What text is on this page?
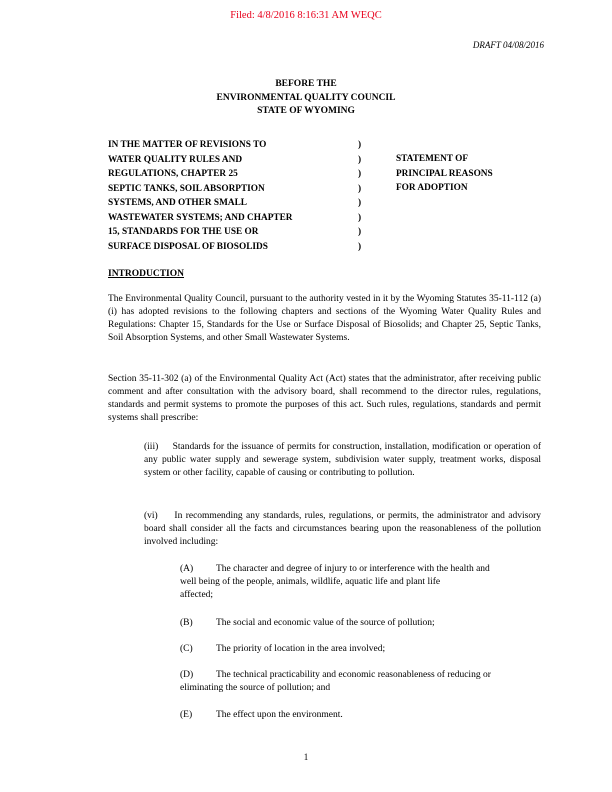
Filed: 4/8/2016 8:16:31 AM WEQC
DRAFT 04/08/2016
BEFORE THE
ENVIRONMENTAL QUALITY COUNCIL
STATE OF WYOMING
IN THE MATTER OF REVISIONS TO
WATER QUALITY RULES AND
REGULATIONS, CHAPTER 25
SEPTIC TANKS, SOIL ABSORPTION
SYSTEMS, AND OTHER SMALL
WASTEWATER SYSTEMS; AND CHAPTER
15, STANDARDS FOR THE USE OR
SURFACE DISPOSAL OF BIOSOLIDS
)
)
)
)
)
)
)
)
STATEMENT OF
PRINCIPAL REASONS
FOR ADOPTION
INTRODUCTION
The Environmental Quality Council, pursuant to the authority vested in it by the Wyoming Statutes 35-11-112 (a)(i) has adopted revisions to the following chapters and sections of the Wyoming Water Quality Rules and Regulations: Chapter 15, Standards for the Use or Surface Disposal of Biosolids; and Chapter 25, Septic Tanks, Soil Absorption Systems, and other Small Wastewater Systems.
Section 35-11-302 (a) of the Environmental Quality Act (Act) states that the administrator, after receiving public comment and after consultation with the advisory board, shall recommend to the director rules, regulations, standards and permit systems to promote the purposes of this act. Such rules, regulations, standards and permit systems shall prescribe:
(iii)     Standards for the issuance of permits for construction, installation, modification or operation of any public water supply and sewerage system, subdivision water supply, treatment works, disposal system or other facility, capable of causing or contributing to pollution.
(vi)     In recommending any standards, rules, regulations, or permits, the administrator and advisory board shall consider all the facts and circumstances bearing upon the reasonableness of the pollution involved including:
(A) The character and degree of injury to or interference with the health and

well being of the people, animals, wildlife, aquatic life and plant life
affected;
(B) The social and economic value of the source of pollution;
(C) The priority of location in the area involved;
(D) The technical practicability and economic reasonableness of reducing or

eliminating the source of pollution; and
(E)	The effect upon the environment.
1
